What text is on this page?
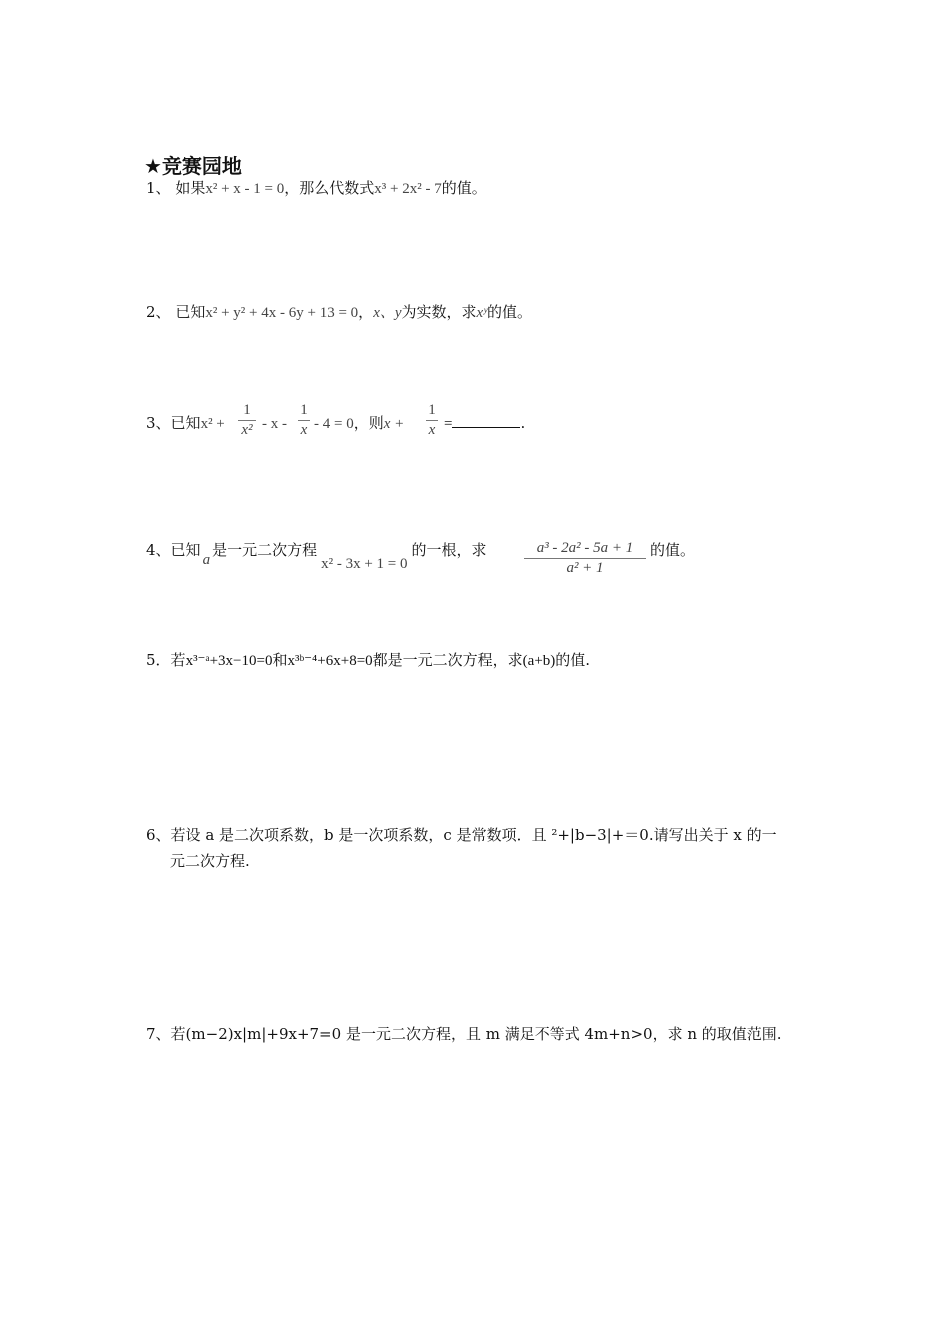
★竞赛园地
1、 如果x² + x - 1 = 0，那么代数式x³ + 2x² - 7的值。
2、 已知x² + y² + 4x - 6y + 13 = 0，x、y为实数，求xʸ的值。
3、已知x² +
1
x² - x -
1
x - 4 = 0，则x +
1
x =	.
4、已知a是一元二次方程x² - 3x + 1 = 0的一根，求	a³ - 2a² - 5a + 1
a² + 1
的值。
5．若x³⁻ᵃ+3x−10=0和x³ᵇ⁻⁴+6x+8=0都是一元二次方程，求(a+b)的值.
6、若设 a 是二次项系数，b 是一次项系数，c 是常数项．且 ²+|b−3|+＝0.请写出关于 x 的一
元二次方程.
7、若(m−2)x|m|+9x+7=0 是一元二次方程，且 m 满足不等式 4m+n>0，求 n 的取值范围.
